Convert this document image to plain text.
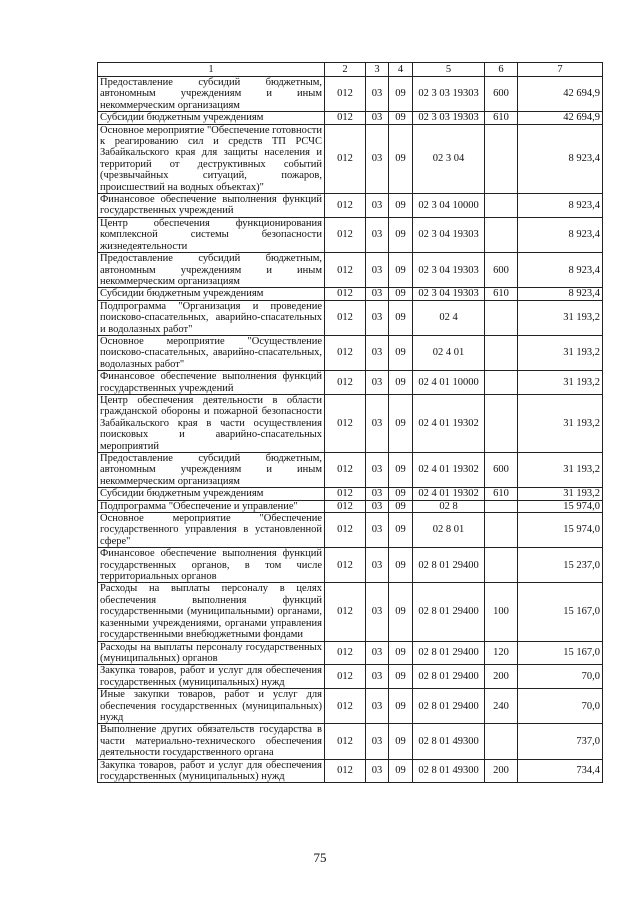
1	2	3	4	5	6	7
Предоставление субсидий бюджетным, автономным учреждениям и иным некоммерческим организациям	012	03	09	02 3 03 19303	600	42 694,9
Субсидии бюджетным учреждениям	012	03	09	02 3 03 19303	610	42 694,9
Основное мероприятие "Обеспечение готовности к реагированию сил и средств ТП РСЧС Забайкальского края для защиты населения и территорий от деструктивных событий (чрезвычайных ситуаций, пожаров, происшествий на водных объектах)"	012	03	09	02 3 04		8 923,4
Финансовое обеспечение выполнения функций государственных учреждений	012	03	09	02 3 04 10000		8 923,4
Центр обеспечения функционирования комплексной системы безопасности жизнедеятельности	012	03	09	02 3 04 19303		8 923,4
Предоставление субсидий бюджетным, автономным учреждениям и иным некоммерческим организациям	012	03	09	02 3 04 19303	600	8 923,4
Субсидии бюджетным учреждениям	012	03	09	02 3 04 19303	610	8 923,4
Подпрограмма "Организация и проведение поисково-спасательных, аварийно-спасательных и водолазных работ"	012	03	09	02 4		31 193,2
Основное мероприятие "Осуществление поисково-спасательных, аварийно-спасательных, водолазных работ"	012	03	09	02 4 01		31 193,2
Финансовое обеспечение выполнения функций государственных учреждений	012	03	09	02 4 01 10000		31 193,2
Центр обеспечения деятельности в области гражданской обороны и пожарной безопасности Забайкальского края в части осуществления поисковых и аварийно-спасательных мероприятий	012	03	09	02 4 01 19302		31 193,2
Предоставление субсидий бюджетным, автономным учреждениям и иным некоммерческим организациям	012	03	09	02 4 01 19302	600	31 193,2
Субсидии бюджетным учреждениям	012	03	09	02 4 01 19302	610	31 193,2
Подпрограмма "Обеспечение и управление"	012	03	09	02 8		15 974,0
Основное мероприятие "Обеспечение государственного управления в установленной сфере"	012	03	09	02 8 01		15 974,0
Финансовое обеспечение выполнения функций государственных органов, в том числе территориальных органов	012	03	09	02 8 01 29400		15 237,0
Расходы на выплаты персоналу в целях обеспечения выполнения функций государственными (муниципальными) органами, казенными учреждениями, органами управления государственными внебюджетными фондами	012	03	09	02 8 01 29400	100	15 167,0
Расходы на выплаты персоналу государственных (муниципальных) органов	012	03	09	02 8 01 29400	120	15 167,0
Закупка товаров, работ и услуг для обеспечения государственных (муниципальных) нужд	012	03	09	02 8 01 29400	200	70,0
Иные закупки товаров, работ и услуг для обеспечения государственных (муниципальных) нужд	012	03	09	02 8 01 29400	240	70,0
Выполнение других обязательств государства в части материально-технического обеспечения деятельности государственного органа	012	03	09	02 8 01 49300		737,0
Закупка товаров, работ и услуг для обеспечения государственных (муниципальных) нужд	012	03	09	02 8 01 49300	200	734,4
75
